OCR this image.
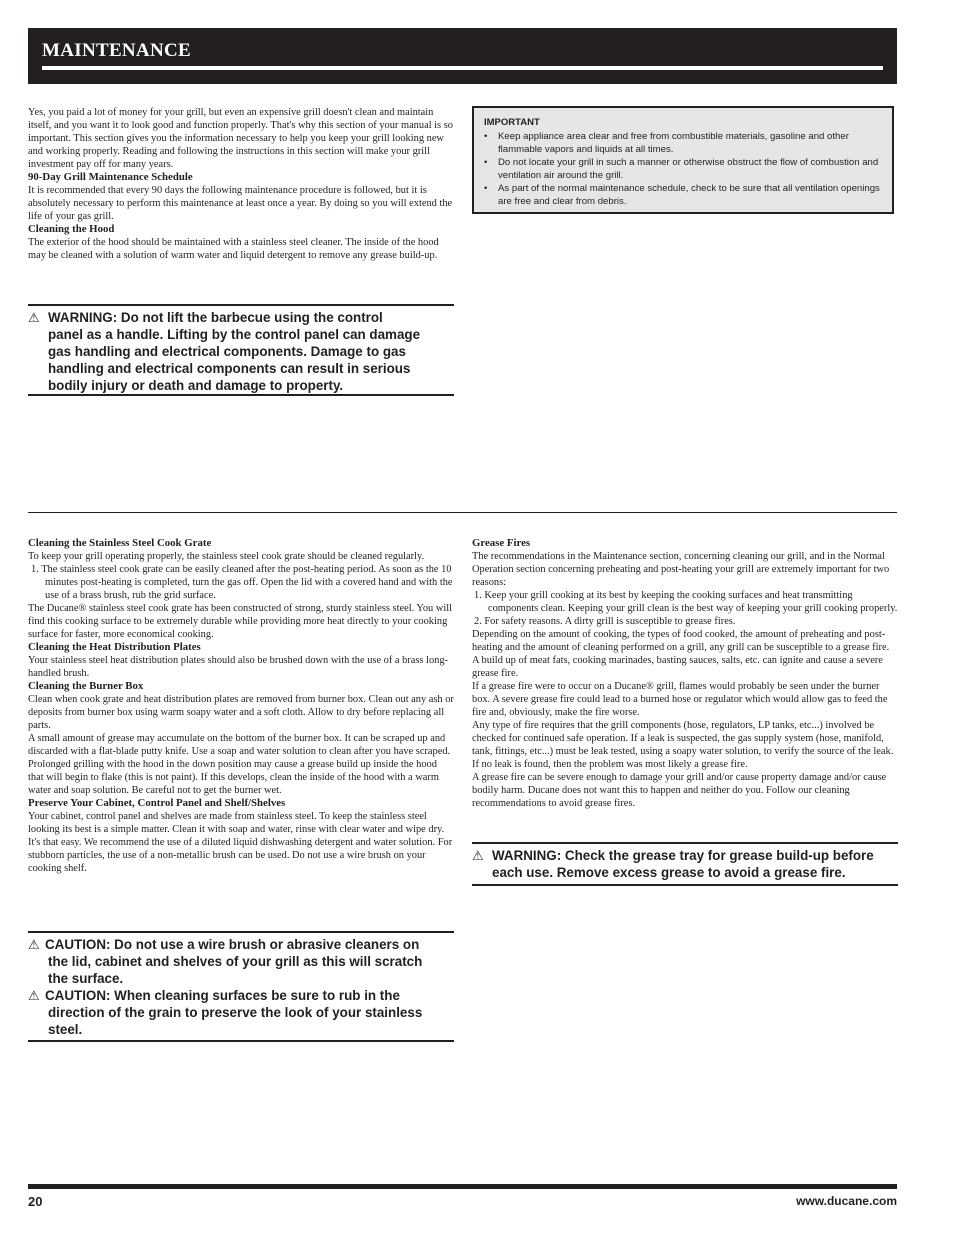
MAINTENANCE

Yes, you paid a lot of money for your grill, but even an expensive grill doesn't clean and maintain itself, and you want it to look good and function properly. That's why this section of your manual is so important. This section gives you the information necessary to help you keep your grill looking new and working properly. Reading and following the instructions in this section will make your grill investment pay off for many years.

90-Day Grill Maintenance Schedule

It is recommended that every 90 days the following maintenance procedure is followed, but it is absolutely necessary to perform this maintenance at least once a year. By doing so you will extend the life of your gas grill.

Cleaning the Hood

The exterior of the hood should be maintained with a stainless steel cleaner. The inside of the hood may be cleaned with a solution of warm water and liquid detergent to remove any grease build-up.

⚠ WARNING: Do not lift the barbecue using the control

panel as a handle. Lifting by the control panel can damage

gas handling and electrical components. Damage to gas

handling and electrical components can result in serious

bodily injury or death and damage to property.

IMPORTANT

• Keep appliance area clear and free from combustible materials, gasoline and other flammable vapors and liquids at all times.

• Do not locate your grill in such a manner or otherwise obstruct the flow of combustion and ventilation air around the grill.

• As part of the normal maintenance schedule, check to be sure that all ventilation openings are free and clear from debris.

Cleaning the Stainless Steel Cook Grate

To keep your grill operating properly, the stainless steel cook grate should be cleaned regularly.

1. The stainless steel cook grate can be easily cleaned after the post-heating period. As soon as the 10 minutes post-heating is completed, turn the gas off. Open the lid with a covered hand and with the use of a brass brush, rub the grid surface.

The Ducane® stainless steel cook grate has been constructed of strong, sturdy stainless steel. You will find this cooking surface to be extremely durable while providing more heat directly to your cooking surface for faster, more economical cooking.

Cleaning the Heat Distribution Plates

Your stainless steel heat distribution plates should also be brushed down with the use of a brass long-handled brush.

Cleaning the Burner Box

Clean when cook grate and heat distribution plates are removed from burner box. Clean out any ash or deposits from burner box using warm soapy water and a soft cloth. Allow to dry before replacing all parts.

A small amount of grease may accumulate on the bottom of the burner box. It can be scraped up and discarded with a flat-blade putty knife. Use a soap and water solution to clean after you have scraped.

Prolonged grilling with the hood in the down position may cause a grease build up inside the hood that will begin to flake (this is not paint). If this develops, clean the inside of the hood with a warm water and soap solution. Be careful not to get the burner wet.

Preserve Your Cabinet, Control Panel and Shelf/Shelves

Your cabinet, control panel and shelves are made from stainless steel. To keep the stainless steel looking its best is a simple matter. Clean it with soap and water, rinse with clear water and wipe dry. It's that easy. We recommend the use of a diluted liquid dishwashing detergent and water solution. For stubborn particles, the use of a non-metallic brush can be used. Do not use a wire brush on your cooking shelf.

⚠ CAUTION: Do not use a wire brush or abrasive cleaners on

the lid, cabinet and shelves of your grill as this will scratch

the surface.

⚠ CAUTION: When cleaning surfaces be sure to rub in the

direction of the grain to preserve the look of your stainless

steel.

Grease Fires

The recommendations in the Maintenance section, concerning cleaning our grill, and in the Normal Operation section concerning preheating and post-heating your grill are extremely important for two reasons:

1. Keep your grill cooking at its best by keeping the cooking surfaces and heat transmitting components clean. Keeping your grill clean is the best way of keeping your grill cooking properly.

2. For safety reasons. A dirty grill is susceptible to grease fires.

Depending on the amount of cooking, the types of food cooked, the amount of preheating and post-heating and the amount of cleaning performed on a grill, any grill can be susceptible to a grease fire. A build up of meat fats, cooking marinades, basting sauces, salts, etc. can ignite and cause a severe grease fire.

If a grease fire were to occur on a Ducane® grill, flames would probably be seen under the burner box. A severe grease fire could lead to a burned hose or regulator which would allow gas to feed the fire and, obviously, make the fire worse.

Any type of fire requires that the grill components (hose, regulators, LP tanks, etc...) involved be checked for continued safe operation. If a leak is suspected, the gas supply system (hose, manifold, tank, fittings, etc...) must be leak tested, using a soapy water solution, to verify the source of the leak. If no leak is found, then the problem was most likely a grease fire.

A grease fire can be severe enough to damage your grill and/or cause property damage and/or cause bodily harm. Ducane does not want this to happen and neither do you. Follow our cleaning recommendations to avoid grease fires.

⚠ WARNING: Check the grease tray for grease build-up before

each use. Remove excess grease to avoid a grease fire.

20	www.ducane.com
